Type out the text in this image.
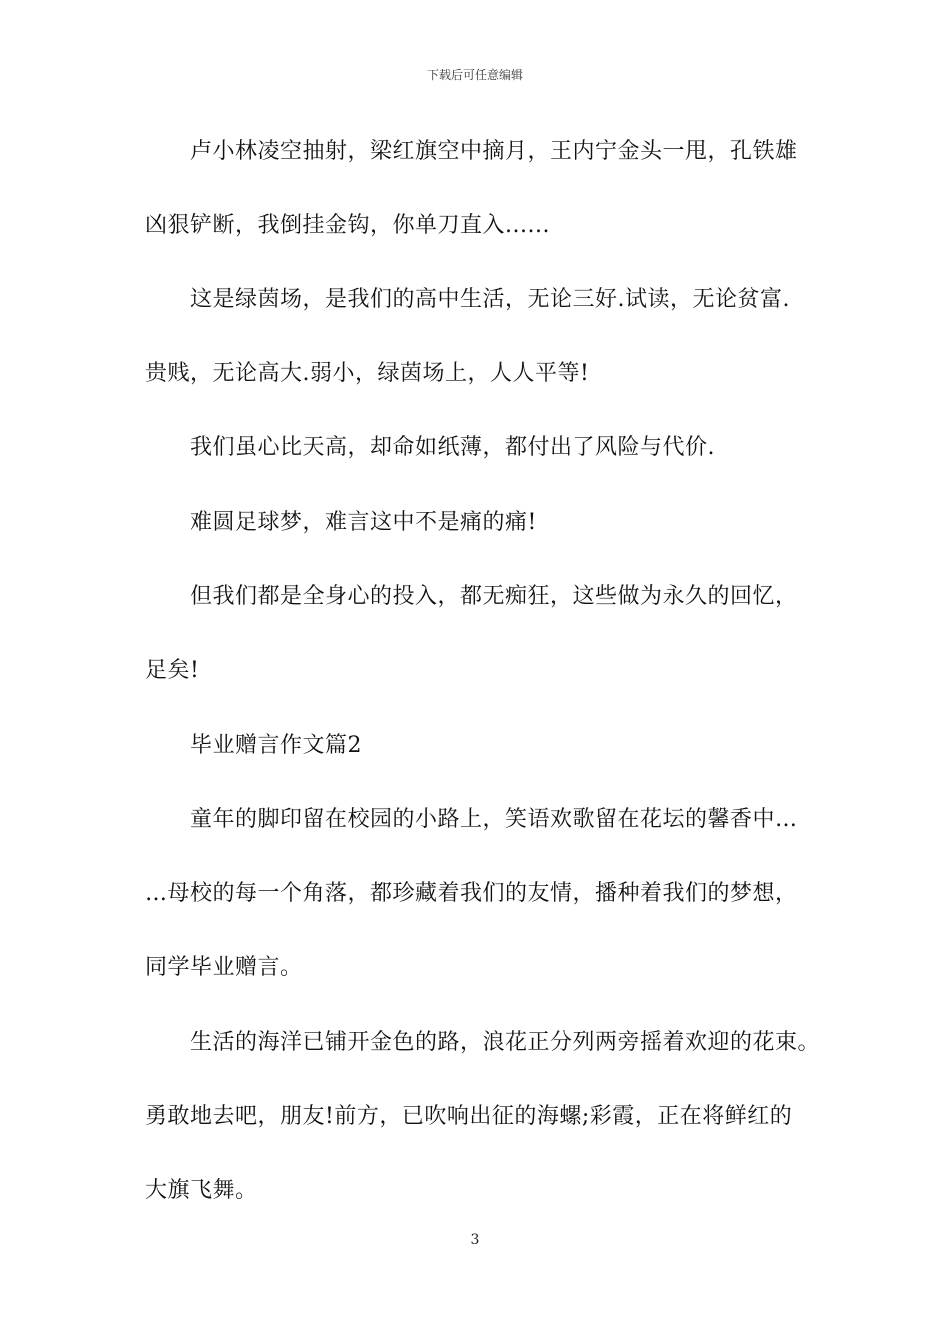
下载后可任意编辑
卢小林凌空抽射，梁红旗空中摘月，王内宁金头一甩，孔铁雄
凶狠铲断，我倒挂金钩，你单刀直入......
这是绿茵场，是我们的高中生活，无论三好.试读，无论贫富.
贵贱，无论高大.弱小，绿茵场上，人人平等!
我们虽心比天高，却命如纸薄，都付出了风险与代价.
难圆足球梦，难言这中不是痛的痛!
但我们都是全身心的投入，都无痴狂，这些做为永久的回忆，
足矣!
毕业赠言作文篇2
童年的脚印留在校园的小路上，笑语欢歌留在花坛的馨香中…
…母校的每一个角落，都珍藏着我们的友情，播种着我们的梦想，
同学毕业赠言。
生活的海洋已铺开金色的路，浪花正分列两旁摇着欢迎的花束。
勇敢地去吧，朋友!前方，已吹响出征的海螺;彩霞，正在将鲜红的
大旗飞舞。
3
